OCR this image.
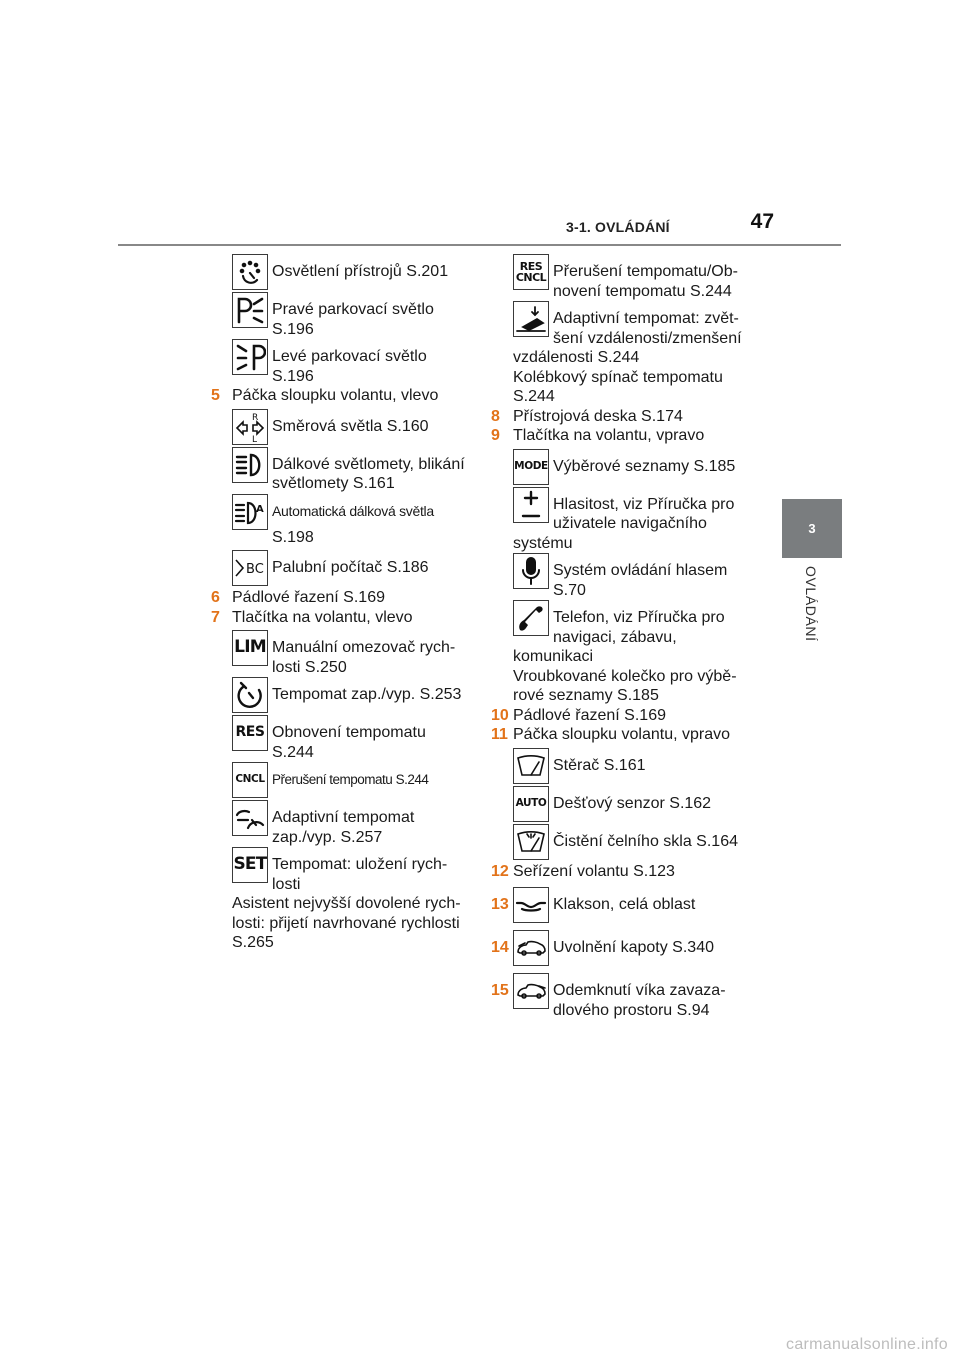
3-1. OVLÁDÁNÍ	47
3
OVLÁDÁNÍ
Osvětlení přístrojů S.201
Pravé parkovací světlo S.196
Levé parkovací světlo S.196
5 Páčka sloupku volantu, vlevo
R
L
Směrová světla S.160
Dálkové světlomety, blikání světlomety S.161
A Automatická dálková světla
S.198
BC Palubní počítač S.186
6 Pádlové řazení S.169
7 Tlačítka na volantu, vlevo
LIM Manuální omezovač rychlosti S.250
Tempomat zap./vyp. S.253
RES Obnovení tempomatu S.244
CNCL Přerušení tempomatu S.244
Adaptivní tempomat zap./vyp. S.257
SET Tempomat: uložení rychlosti
Asistent nejvyšší dovolené rychlosti: přijetí navrhované rychlosti S.265
RES
CNCL Přerušení tempomatu/Obnovení tempomatu S.244
Adaptivní tempomat: zvětšení vzdálenosti/zmenšení vzdálenosti S.244
Kolébkový spínač tempomatu S.244
8 Přístrojová deska S.174
9 Tlačítka na volantu, vpravo
MODE Výběrové seznamy S.185
Hlasitost, viz Příručka pro uživatele navigačního systému
Systém ovládání hlasem S.70
Telefon, viz Příručka pro navigaci, zábavu, komunikaci
Vroubkované kolečko pro výběrové seznamy S.185
10 Pádlové řazení S.169
11 Páčka sloupku volantu, vpravo
Stěrač S.161
AUTO Dešťový senzor S.162
Čistění čelního skla S.164
12 Seřízení volantu S.123
13	Klakson, celá oblast
14	Uvolnění kapoty S.340
15	Odemknutí víka zavazadlového prostoru S.94
carmanualsonline.info
